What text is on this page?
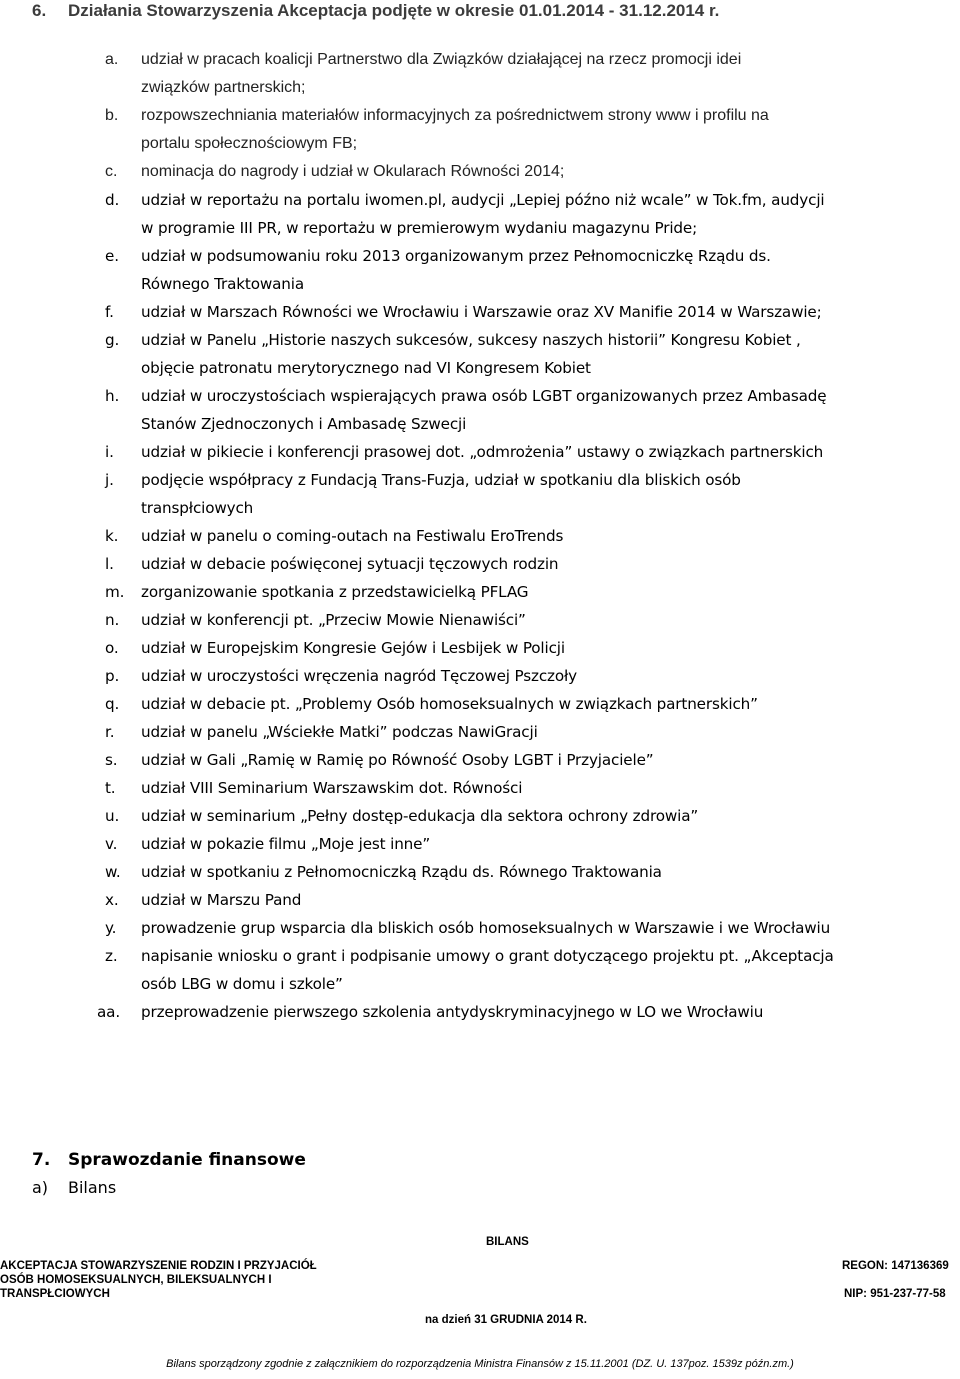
6. Działania Stowarzyszenia Akceptacja podjęte w okresie 01.01.2014 - 31.12.2014 r.
a.	udział w pracach koalicji Partnerstwo dla Związków działającej na rzecz promocji idei
związków partnerskich;
b.	rozpowszechniania materiałów informacyjnych za pośrednictwem strony www i profilu na
portalu społecznościowym FB;
c.	nominacja do nagrody i udział w Okularach Równości 2014;
d.	udział w reportażu na portalu iwomen.pl, audycji „Lepiej późno niż wcale” w Tok.fm, audycji
w programie III PR, w reportażu w premierowym wydaniu magazynu Pride;
e.	udział w podsumowaniu roku 2013 organizowanym przez Pełnomocniczkę Rządu ds.
Równego Traktowania
f.	udział w Marszach Równości we Wrocławiu i Warszawie oraz XV Manifie 2014 w Warszawie;
g.	udział w Panelu „Historie naszych sukcesów, sukcesy naszych historii” Kongresu Kobiet ,
objęcie patronatu merytorycznego nad VI Kongresem Kobiet
h.	udział w uroczystościach wspierających prawa osób LGBT organizowanych przez Ambasadę
Stanów Zjednoczonych i Ambasadę Szwecji
i.	udział w pikiecie i konferencji prasowej dot. „odmrożenia” ustawy o związkach partnerskich
j.	podjęcie współpracy z Fundacją Trans-Fuzja, udział w spotkaniu dla bliskich osób
transpłciowych
k.	udział w panelu o coming-outach na Festiwalu EroTrends
l.	udział w debacie poświęconej sytuacji tęczowych rodzin
m.	zorganizowanie spotkania z przedstawicielką PFLAG
n.	udział w konferencji pt. „Przeciw Mowie Nienawiści”
o.	udział w Europejskim Kongresie Gejów i Lesbijek w Policji
p.	udział w uroczystości wręczenia nagród Tęczowej Pszczoły
q.	udział w debacie pt. „Problemy Osób homoseksualnych w związkach partnerskich”
r.	udział w panelu „Wściekłe Matki” podczas NawiGracji
s.	udział w Gali „Ramię w Ramię po Równość Osoby LGBT i Przyjaciele”
t.	udział VIII Seminarium Warszawskim dot. Równości
u.	udział w seminarium „Pełny dostęp-edukacja dla sektora ochrony zdrowia”
v.	udział w pokazie filmu „Moje jest inne”
w.	udział w spotkaniu z Pełnomocniczką Rządu ds. Równego Traktowania
x.	udział w Marszu Pand
y.	prowadzenie grup wsparcia dla bliskich osób homoseksualnych w Warszawie i we Wrocławiu
z.	napisanie wniosku o grant i podpisanie umowy o grant dotyczącego projektu pt. „Akceptacja
osób LBG w domu i szkole”
aa.	przeprowadzenie pierwszego szkolenia antydyskryminacyjnego w LO we Wrocławiu
7. Sprawozdanie finansowe
a) Bilans
BILANS
AKCEPTACJA STOWARZYSZENIE RODZIN I PRZYJACIÓŁ
OSÓB HOMOSEKSUALNYCH, BILEKSUALNYCH I
TRANSPŁCIOWYCH
REGON: 147136369
NIP: 951-237-77-58
na dzień 31 GRUDNIA 2014 R.
Bilans sporządzony zgodnie z załącznikiem do rozporządzenia Ministra Finansów z 15.11.2001 (DZ. U. 137poz. 1539z późn.zm.)
